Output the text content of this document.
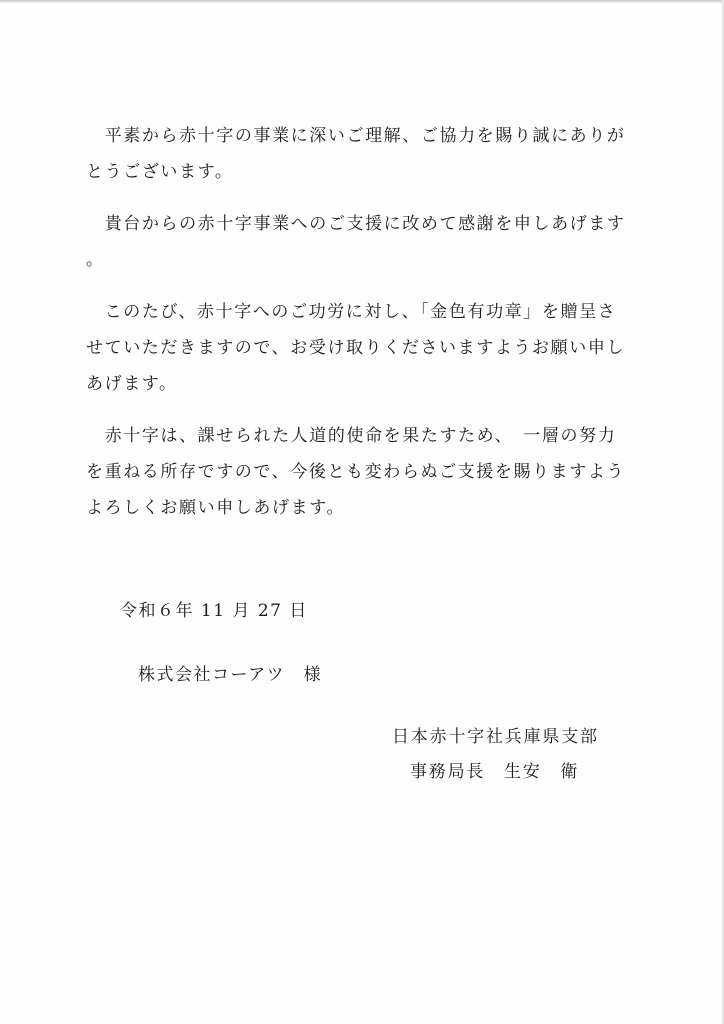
平素から赤十字の事業に深いご理解、ご協力を賜り誠にありがとうございます。

貴台からの赤十字事業へのご支援に改めて感謝を申しあげます。

このたび、赤十字へのご功労に対し、「金色有功章」を贈呈させていただきますので、お受け取りくださいますようお願い申しあげます。

赤十字は、課せられた人道的使命を果たすため、　一層の努力を重ねる所存ですので、今後とも変わらぬご支援を賜りますようよろしくお願い申しあげます。

令和６年 11 月 27 日
株式会社コーアツ　様
日本赤十字社兵庫県支部
事務局長　生安　衛
